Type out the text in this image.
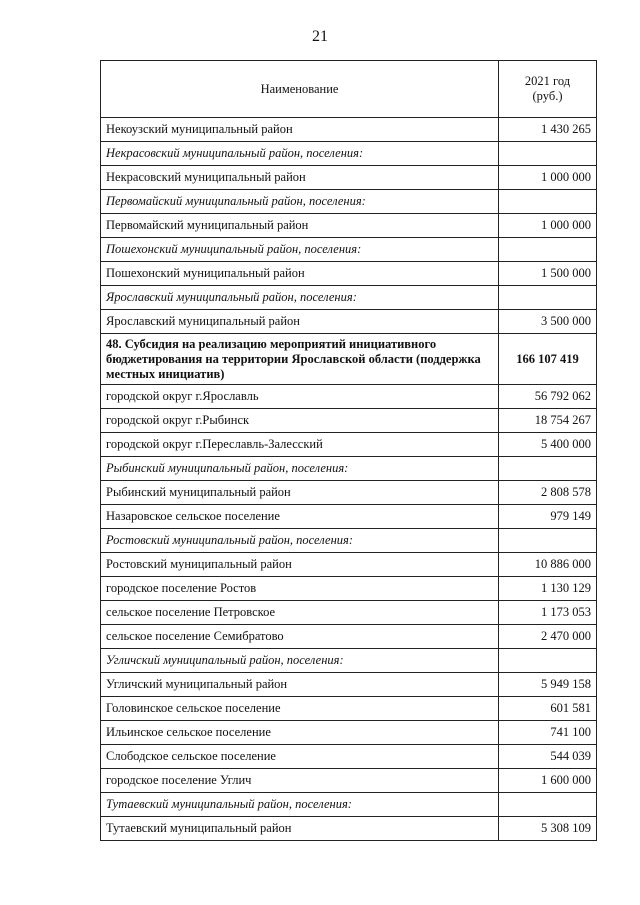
21
Наименование	2021 год
(руб.)
Некоузский муниципальный район	1 430 265
Некрасовский муниципальный район, поселения:	
Некрасовский муниципальный район	1 000 000
Первомайский муниципальный район, поселения:	
Первомайский муниципальный район	1 000 000
Пошехонский муниципальный район, поселения:	
Пошехонский муниципальный район	1 500 000
Ярославский муниципальный район, поселения:	
Ярославский муниципальный район	3 500 000
48. Субсидия на реализацию мероприятий инициативного бюджетирования на территории Ярославской области (поддержка местных инициатив)	166 107 419
городской округ г.Ярославль	56 792 062
городской округ г.Рыбинск	18 754 267
городской округ г.Переславль-Залесский	5 400 000
Рыбинский муниципальный район, поселения:	
Рыбинский муниципальный район	2 808 578
Назаровское сельское поселение	979 149
Ростовский муниципальный район, поселения:	
Ростовский муниципальный район	10 886 000
городское поселение Ростов	1 130 129
сельское поселение Петровское	1 173 053
сельское поселение Семибратово	2 470 000
Угличский муниципальный район, поселения:	
Угличский муниципальный район	5 949 158
Головинское сельское поселение	601 581
Ильинское сельское поселение	741 100
Слободское сельское поселение	544 039
городское поселение Углич	1 600 000
Тутаевский муниципальный район, поселения:	
Тутаевский муниципальный район	5 308 109
